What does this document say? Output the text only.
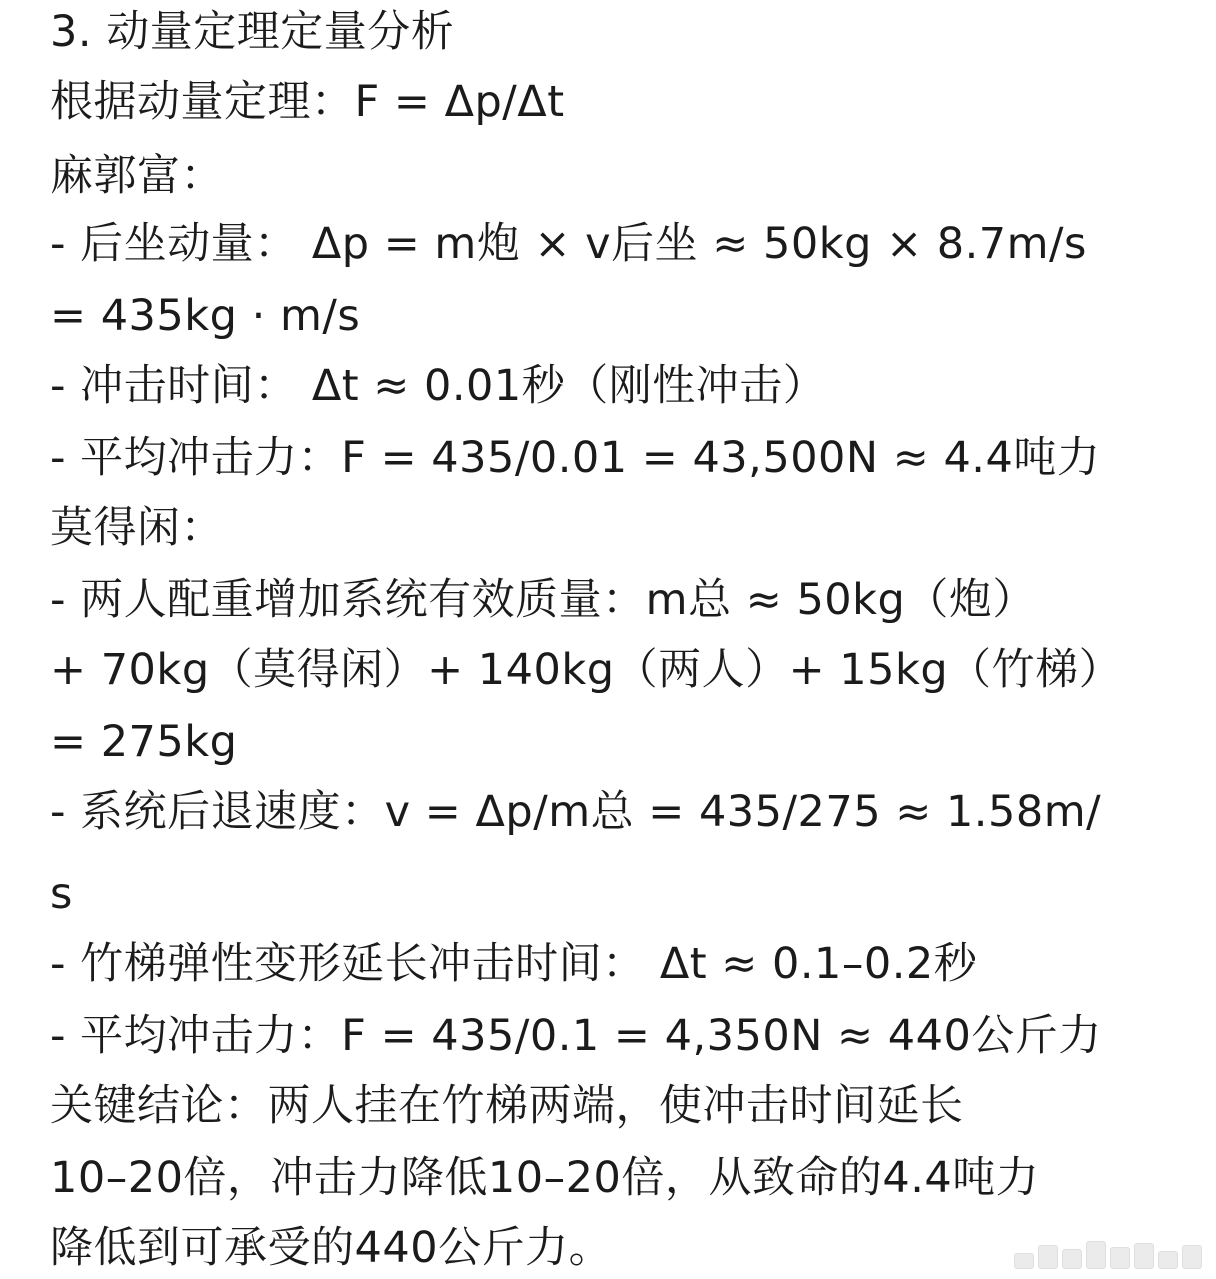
3. 动量定理定量分析
根据动量定理：F = Δp/Δt
麻郭富：
- 后坐动量： Δp = m炮 × v后坐 ≈ 50kg × 8.7m/s
= 435kg · m/s
- 冲击时间： Δt ≈ 0.01秒（刚性冲击）
- 平均冲击力：F = 435/0.01 = 43,500N ≈ 4.4吨力
莫得闲：
- 两人配重增加系统有效质量：m总 ≈ 50kg（炮）
+ 70kg（莫得闲）+ 140kg（两人）+ 15kg（竹梯）
= 275kg
- 系统后退速度：v = Δp/m总 = 435/275 ≈ 1.58m/
s
- 竹梯弹性变形延长冲击时间： Δt ≈ 0.1–0.2秒
- 平均冲击力：F = 435/0.1 = 4,350N ≈ 440公斤力
关键结论：两人挂在竹梯两端，使冲击时间延长
10–20倍，冲击力降低10–20倍，从致命的4.4吨力
降低到可承受的440公斤力。
